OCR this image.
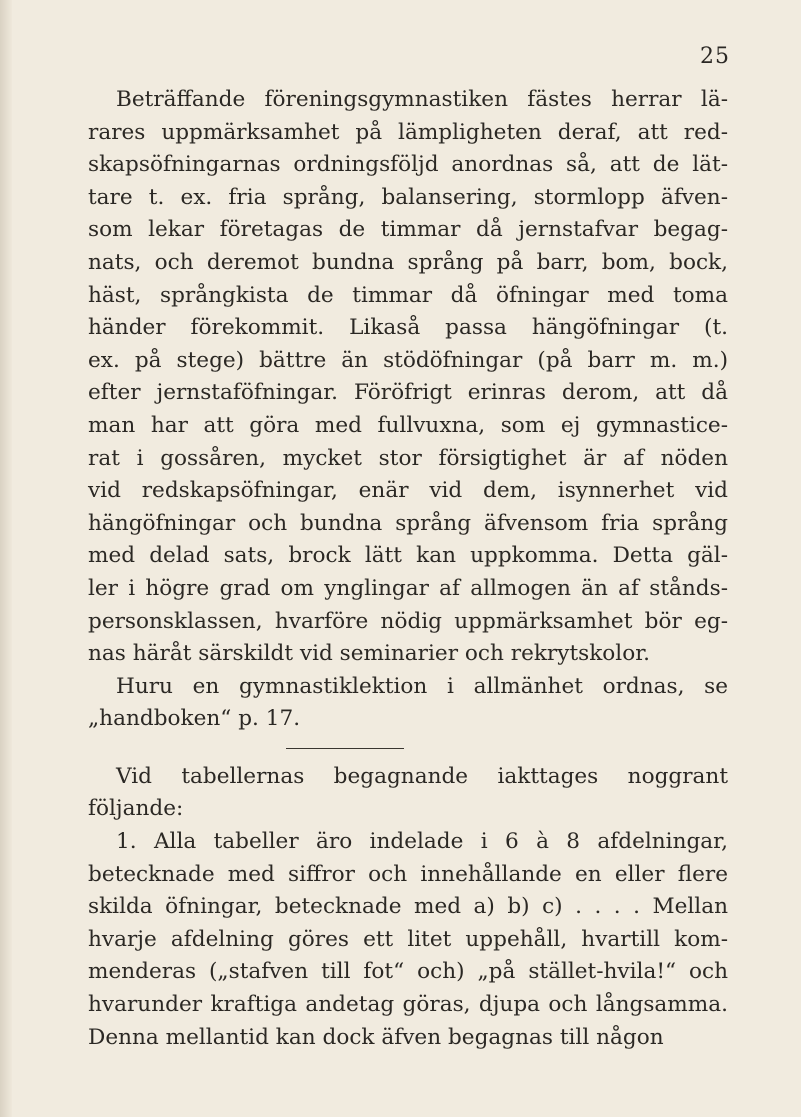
25
Beträffande föreningsgymnastiken fästes herrar lä-
rares uppmärksamhet på lämpligheten deraf, att red-
skapsöfningarnas ordningsföljd anordnas så, att de lät-
tare t. ex. fria språng, balansering, stormlopp äfven-
som lekar företagas de timmar då jernstafvar begag-
nats, och deremot bundna språng på barr, bom, bock,
häst, språngkista de timmar då öfningar med toma
händer förekommit. Likaså passa hängöfningar (t.
ex. på stege) bättre än stödöfningar (på barr m. m.)
efter jernstaföfningar. Föröfrigt erinras derom, att då
man har att göra med fullvuxna, som ej gymnastice-
rat i gossåren, mycket stor försigtighet är af nöden
vid redskapsöfningar, enär vid dem, isynnerhet vid
hängöfningar och bundna språng äfvensom fria språng
med delad sats, brock lätt kan uppkomma. Detta gäl-
ler i högre grad om ynglingar af allmogen än af stånds-
personsklassen, hvarföre nödig uppmärksamhet bör eg-
nas häråt särskildt vid seminarier och rekrytskolor.
Huru en gymnastiklektion i allmänhet ordnas, se
„handboken“ p. 17.
Vid tabellernas begagnande iakttages noggrant
följande:
1. Alla tabeller äro indelade i 6 à 8 afdelningar,
betecknade med siffror och innehållande en eller flere
skilda öfningar, betecknade med a) b) c) . . . . Mellan
hvarje afdelning göres ett litet uppehåll, hvartill kom-
menderas („stafven till fot“ och) „på stället-hvila!“ och
hvarunder kraftiga andetag göras, djupa och långsamma.
Denna mellantid kan dock äfven begagnas till någon
